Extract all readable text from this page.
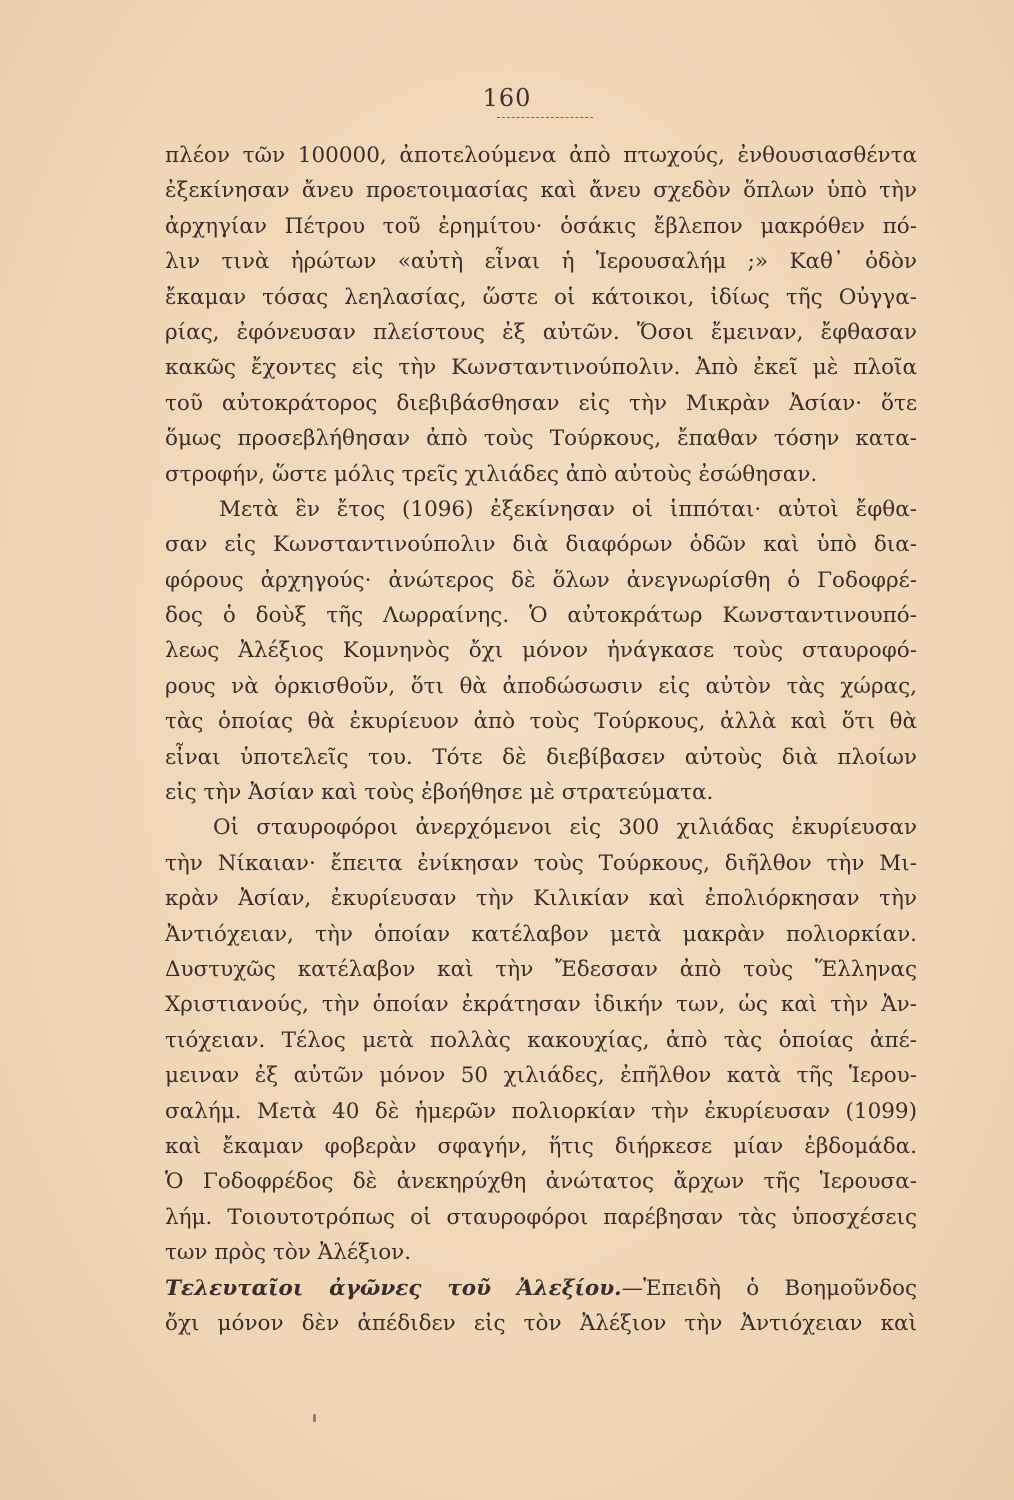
160
πλέον τῶν 100000, ἀποτελούμενα ἀπὸ πτωχούς, ἐνθουσιασθέντα
ἐξεκίνησαν ἄνευ προετοιμασίας καὶ ἄνευ σχεδὸν ὅπλων ὑπὸ τὴν
ἀρχηγίαν Πέτρου τοῦ ἐρημίτου· ὁσάκις ἔβλεπον μακρόθεν πό-
λιν τινὰ ἠρώτων «αὐτὴ εἶναι ἡ Ἱερουσαλήμ ;» Καθ᾽ ὁδὸν
ἔκαμαν τόσας λεηλασίας, ὥστε οἱ κάτοικοι, ἰδίως τῆς Οὐγγα-
ρίας, ἐφόνευσαν πλείστους ἐξ αὐτῶν. Ὅσοι ἔμειναν, ἔφθασαν
κακῶς ἔχοντες εἰς τὴν Κωνσταντινούπολιν. Ἀπὸ ἐκεῖ μὲ πλοῖα
τοῦ αὐτοκράτορος διεβιβάσθησαν εἰς τὴν Μικρὰν Ἀσίαν· ὅτε
ὅμως προσεβλήθησαν ἀπὸ τοὺς Τούρκους, ἔπαθαν τόσην κατα-
στροφήν, ὥστε μόλις τρεῖς χιλιάδες ἀπὸ αὐτοὺς ἐσώθησαν.
Μετὰ ἓν ἔτος (1096) ἐξεκίνησαν οἱ ἱππόται· αὐτοὶ ἔφθα-
σαν εἰς Κωνσταντινούπολιν διὰ διαφόρων ὁδῶν καὶ ὑπὸ δια-
φόρους ἀρχηγούς· ἀνώτερος δὲ ὅλων ἀνεγνωρίσθη ὁ Γοδοφρέ-
δος ὁ δοὺξ τῆς Λωρραίνης. Ὁ αὐτοκράτωρ Κωνσταντινουπό-
λεως Ἀλέξιος Κομνηνὸς ὄχι μόνον ἠνάγκασε τοὺς σταυροφό-
ρους νὰ ὁρκισθοῦν, ὅτι θὰ ἀποδώσωσιν εἰς αὐτὸν τὰς χώρας,
τὰς ὁποίας θὰ ἐκυρίευον ἀπὸ τοὺς Τούρκους, ἀλλὰ καὶ ὅτι θὰ
εἶναι ὑποτελεῖς του. Τότε δὲ διεβίβασεν αὐτοὺς διὰ πλοίων
εἰς τὴν Ἀσίαν καὶ τοὺς ἐβοήθησε μὲ στρατεύματα.
Οἱ σταυροφόροι ἀνερχόμενοι εἰς 300 χιλιάδας ἐκυρίευσαν
τὴν Νίκαιαν· ἔπειτα ἐνίκησαν τοὺς Τούρκους, διῆλθον τὴν Μι-
κρὰν Ἀσίαν, ἐκυρίευσαν τὴν Κιλικίαν καὶ ἐπολιόρκησαν τὴν
Ἀντιόχειαν, τὴν ὁποίαν κατέλαβον μετὰ μακρὰν πολιορκίαν.
Δυστυχῶς κατέλαβον καὶ τὴν Ἔδεσσαν ἀπὸ τοὺς Ἕλληνας
Χριστιανούς, τὴν ὁποίαν ἐκράτησαν ἰδικήν των, ὡς καὶ τὴν Ἀν-
τιόχειαν. Τέλος μετὰ πολλὰς κακουχίας, ἀπὸ τὰς ὁποίας ἀπέ-
μειναν ἐξ αὐτῶν μόνον 50 χιλιάδες, ἐπῆλθον κατὰ τῆς Ἱερου-
σαλήμ. Μετὰ 40 δὲ ἡμερῶν πολιορκίαν τὴν ἐκυρίευσαν (1099)
καὶ ἔκαμαν φοβερὰν σφαγήν, ἥτις διήρκεσε μίαν ἑβδομάδα.
Ὁ Γοδοφρέδος δὲ ἀνεκηρύχθη ἀνώτατος ἄρχων τῆς Ἱερουσα-
λήμ. Τοιουτοτρόπως οἱ σταυροφόροι παρέβησαν τὰς ὑποσχέσεις
των πρὸς τὸν Ἀλέξιον.
Τελευταῖοι ἀγῶνες τοῦ Ἀλεξίου.—Ἐπειδὴ ὁ Βοημοῦνδος
ὄχι μόνον δὲν ἀπέδιδεν εἰς τὸν Ἀλέξιον τὴν Ἀντιόχειαν καὶ
